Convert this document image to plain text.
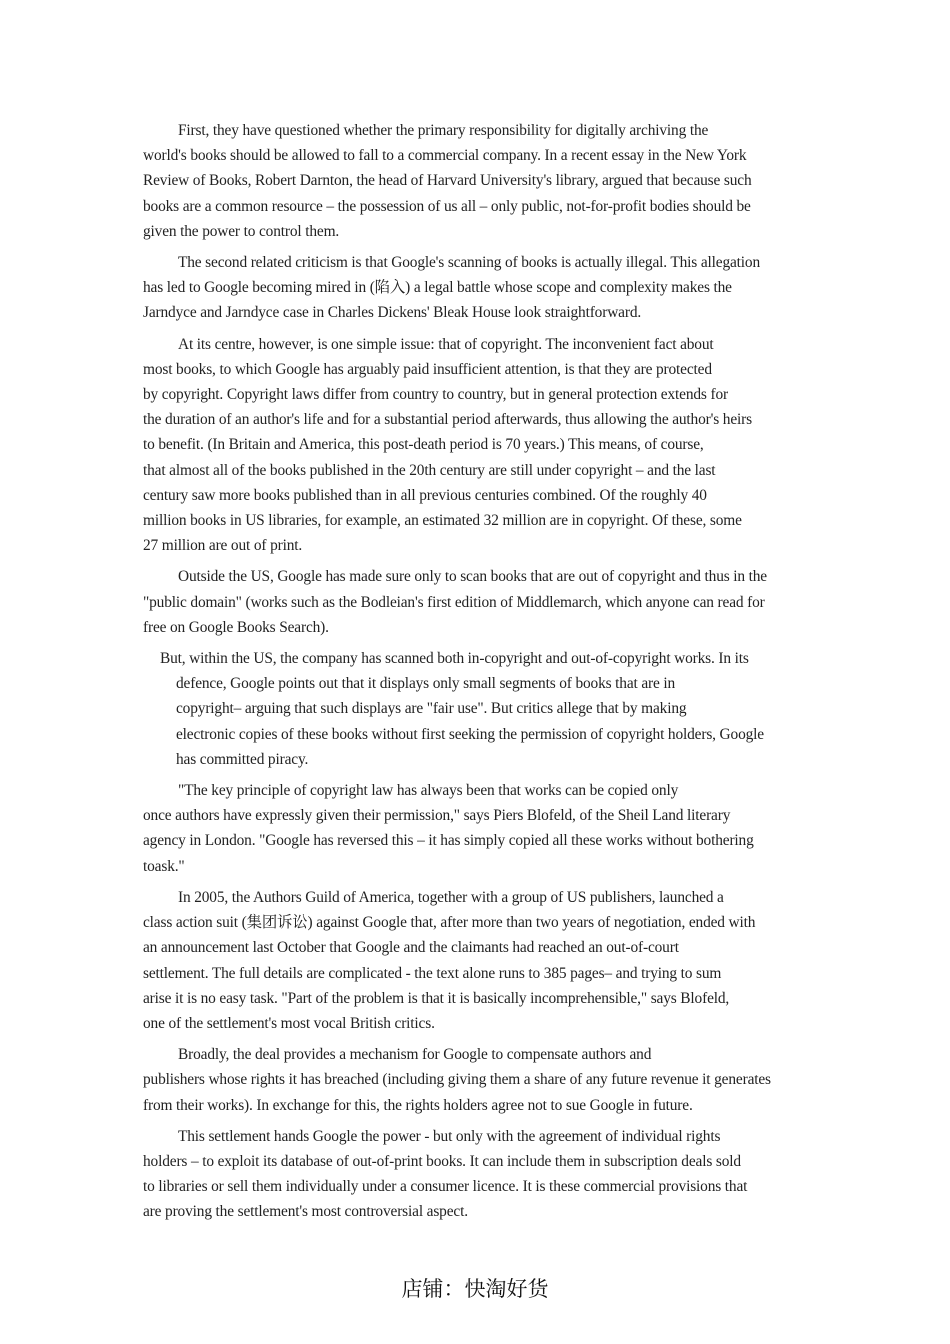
First, they have questioned whether the primary responsibility for digitally archiving the
world's books should be allowed to fall to a commercial company. In a recent essay in the New York
Review of Books, Robert Darnton, the head of Harvard University's library, argued that because such
books are a common resource – the possession of us all – only public, not-for-profit bodies should be
given the power to control them.

The second related criticism is that Google's scanning of books is actually illegal. This allegation
has led to Google becoming mired in (陷入) a legal battle whose scope and complexity makes the
Jarndyce and Jarndyce case in Charles Dickens' Bleak House look straightforward.

At its centre, however, is one simple issue: that of copyright. The inconvenient fact about
most books, to which Google has arguably paid insufficient attention, is that they are protected
by copyright. Copyright laws differ from country to country, but in general protection extends for
the duration of an author's life and for a substantial period afterwards, thus allowing the author's heirs
to benefit. (In Britain and America, this post-death period is 70 years.) This means, of course,
that almost all of the books published in the 20th century are still under copyright – and the last
century saw more books published than in all previous centuries combined. Of the roughly 40
million books in US libraries, for example, an estimated 32 million are in copyright. Of these, some
27 million are out of print.

Outside the US, Google has made sure only to scan books that are out of copyright and thus in the
"public domain" (works such as the Bodleian's first edition of Middlemarch, which anyone can read for
free on Google Books Search).

But, within the US, the company has scanned both in-copyright and out-of-copyright works. In its
defence, Google points out that it displays only small segments of books that are in
copyright– arguing that such displays are "fair use". But critics allege that by making
electronic copies of these books without first seeking the permission of copyright holders, Google
has committed piracy.

"The key principle of copyright law has always been that works can be copied only
once authors have expressly given their permission," says Piers Blofeld, of the Sheil Land literary
agency in London. "Google has reversed this – it has simply copied all these works without bothering
toask."

In 2005, the Authors Guild of America, together with a group of US publishers, launched a
class action suit (集团诉讼) against Google that, after more than two years of negotiation, ended with
an announcement last October that Google and the claimants had reached an out-of-court
settlement. The full details are complicated - the text alone runs to 385 pages– and trying to sum
arise it is no easy task. "Part of the problem is that it is basically incomprehensible," says Blofeld,
one of the settlement's most vocal British critics.

Broadly, the deal provides a mechanism for Google to compensate authors and
publishers whose rights it has breached (including giving them a share of any future revenue it generates
from their works). In exchange for this, the rights holders agree not to sue Google in future.

This settlement hands Google the power - but only with the agreement of individual rights
holders – to exploit its database of out-of-print books. It can include them in subscription deals sold
to libraries or sell them individually under a consumer licence. It is these commercial provisions that
are proving the settlement's most controversial aspect.

店铺：快淘好货
